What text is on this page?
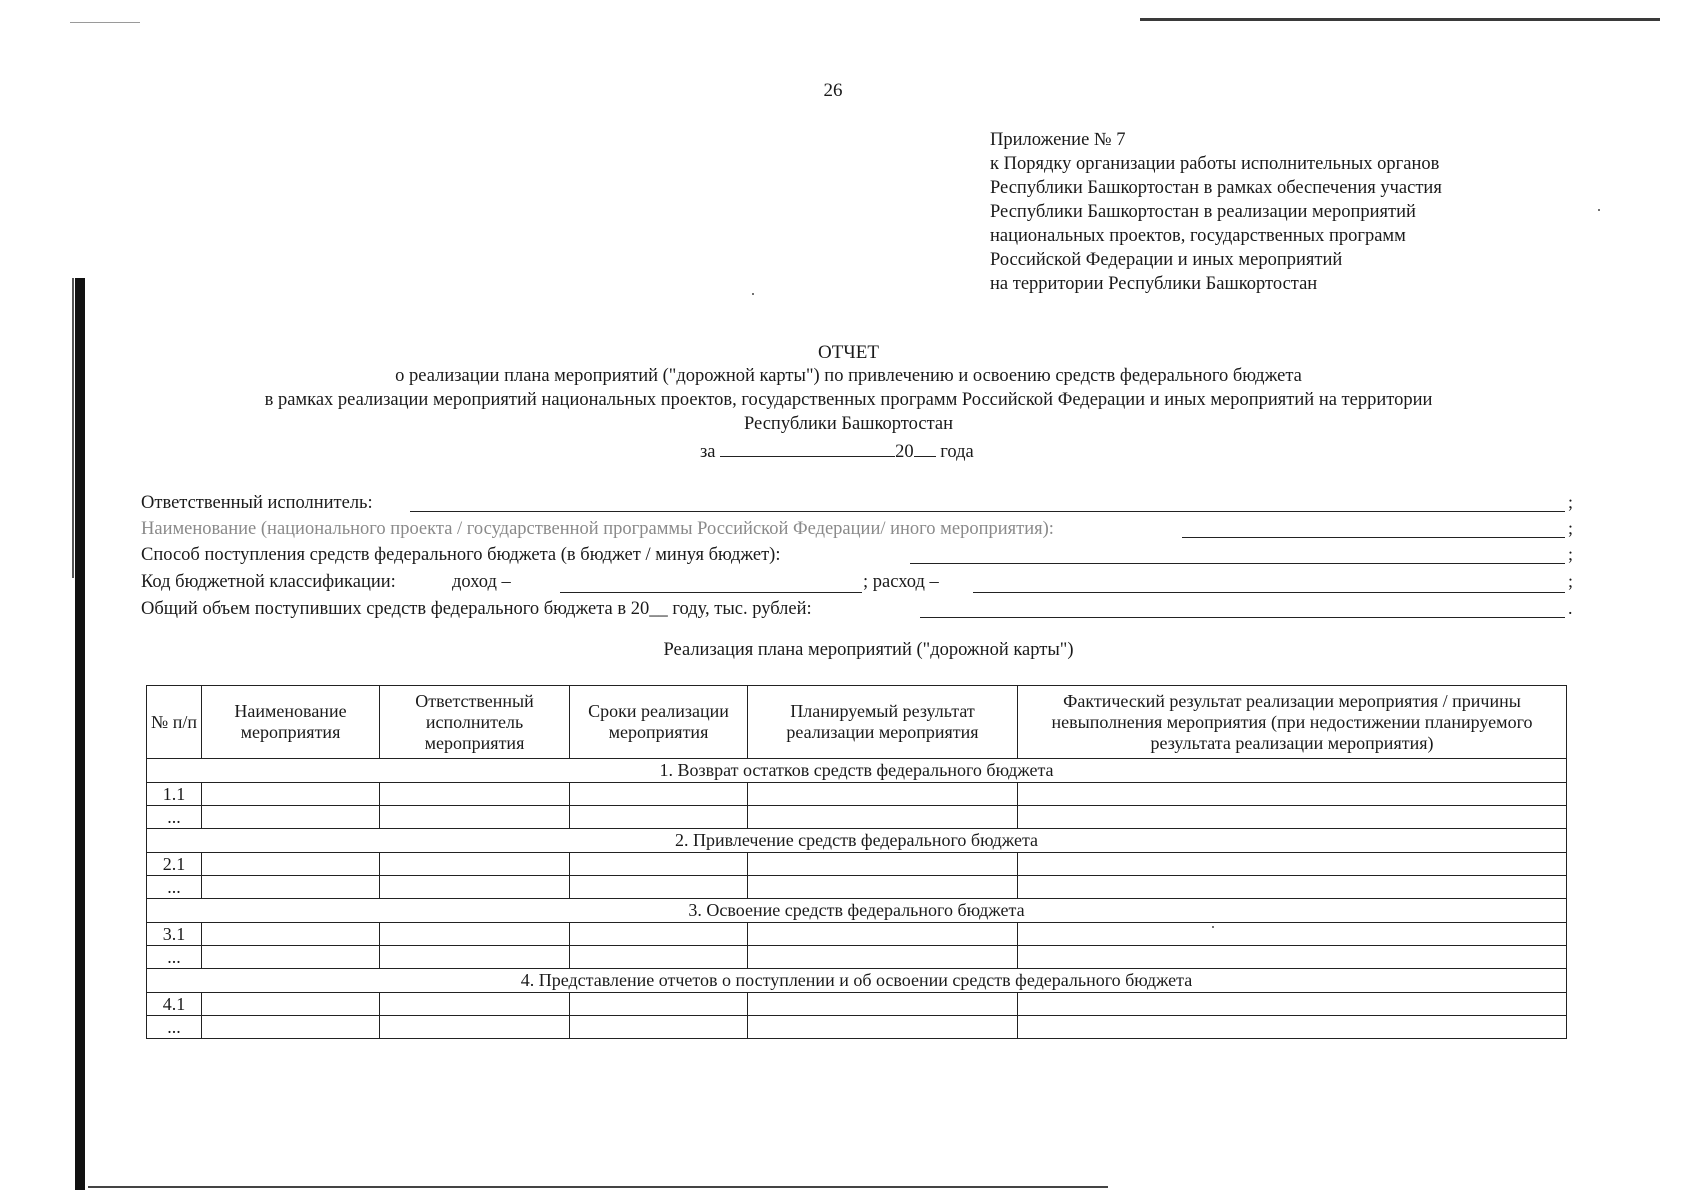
26
Приложение № 7
к Порядку организации работы исполнительных органов
Республики Башкортостан в рамках обеспечения участия
Республики Башкортостан в реализации мероприятий
национальных проектов, государственных программ
Российской Федерации и иных мероприятий
на территории Республики Башкортостан
ОТЧЕТ
о реализации плана мероприятий ("дорожной карты") по привлечению и освоению средств федерального бюджета
в рамках реализации мероприятий национальных проектов, государственных программ Российской Федерации и иных мероприятий на территории
Республики Башкортостан
за	20 года
Ответственный исполнитель:	;
Наименование (национального проекта / государственной программы Российской Федерации/ иного мероприятия):	;
Способ поступления средств федерального бюджета (в бюджет / минуя бюджет):	;
Код бюджетной классификации:	доход –	; расход –	;
Общий объем поступивших средств федерального бюджета в 20__ году, тыс. рублей:	.
Реализация плана мероприятий ("дорожной карты")
№ п/п	Наименование мероприятия	Ответственный исполнитель мероприятия	Сроки реализации мероприятия	Планируемый результат реализации мероприятия	Фактический результат реализации мероприятия / причины невыполнения мероприятия (при недостижении планируемого результата реализации мероприятия)
1. Возврат остатков средств федерального бюджета					
1.1					
...					
2. Привлечение средств федерального бюджета					
2.1					
...					
3. Освоение средств федерального бюджета					
3.1					
...					
4. Представление отчетов о поступлении и об освоении средств федерального бюджета					
4.1					
...					
